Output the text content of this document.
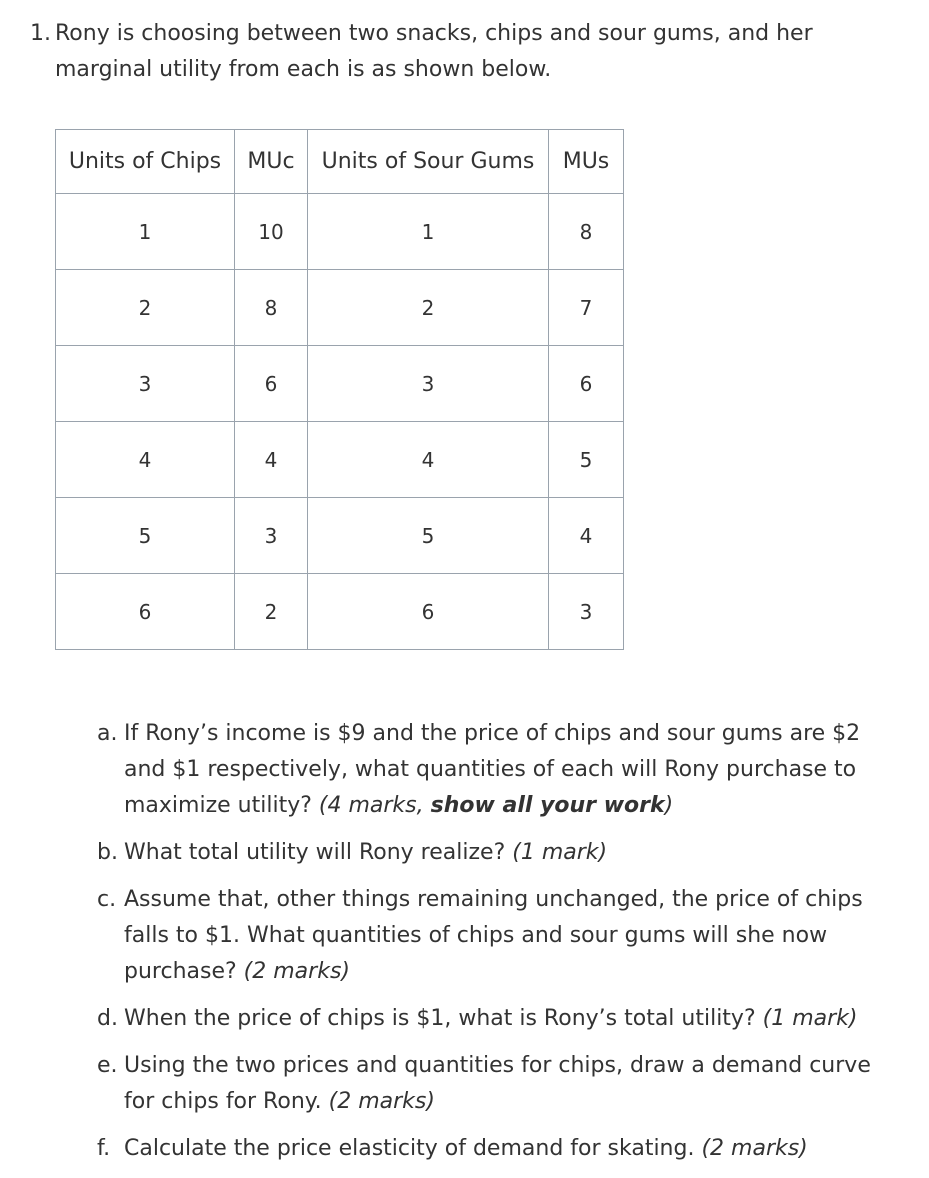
1. Rony is choosing between two snacks, chips and sour gums, and her marginal utility from each is as shown below.
Units of Chips	MUc	Units of Sour Gums	MUs
1	10	1	8
2	8	2	7
3	6	3	6
4	4	4	5
5	3	5	4
6	2	6	3
a. If Rony’s income is $9 and the price of chips and sour gums are $2 and $1 respectively, what quantities of each will Rony purchase to maximize utility? (4 marks, show all your work)
b. What total utility will Rony realize? (1 mark)
c. Assume that, other things remaining unchanged, the price of chips falls to $1. What quantities of chips and sour gums will she now purchase? (2 marks)
d. When the price of chips is $1, what is Rony’s total utility? (1 mark)
e. Using the two prices and quantities for chips, draw a demand curve for chips for Rony. (2 marks)
f. Calculate the price elasticity of demand for skating. (2 marks)
